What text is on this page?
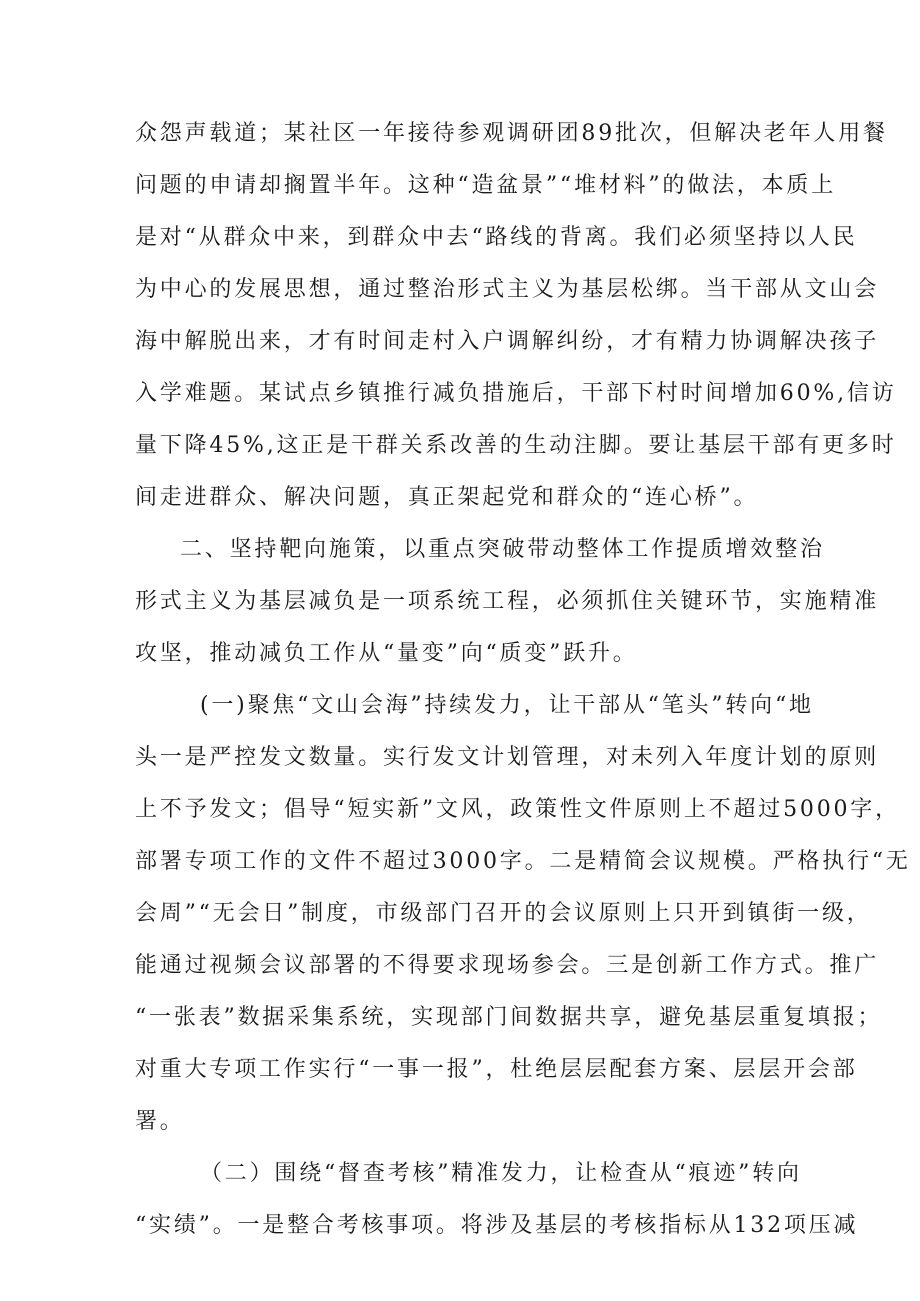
众怨声载道；某社区一年接待参观调研团89批次，但解决老年人用餐
问题的申请却搁置半年。这种“造盆景”“堆材料”的做法，本质上
是对“从群众中来，到群众中去“路线的背离。我们必须坚持以人民
为中心的发展思想，通过整治形式主义为基层松绑。当干部从文山会
海中解脱出来，才有时间走村入户调解纠纷，才有精力协调解决孩子
入学难题。某试点乡镇推行减负措施后，干部下村时间增加60%,信访
量下降45%,这正是干群关系改善的生动注脚。要让基层干部有更多时
间走进群众、解决问题，真正架起党和群众的“连心桥”。
二、坚持靶向施策，以重点突破带动整体工作提质增效整治
形式主义为基层减负是一项系统工程，必须抓住关键环节，实施精准
攻坚，推动减负工作从“量变”向“质变”跃升。
(一)聚焦“文山会海”持续发力，让干部从“笔头”转向“地
头一是严控发文数量。实行发文计划管理，对未列入年度计划的原则
上不予发文；倡导“短实新”文风，政策性文件原则上不超过5000字，
部署专项工作的文件不超过3000字。二是精简会议规模。严格执行“无
会周”“无会日”制度，市级部门召开的会议原则上只开到镇街一级，
能通过视频会议部署的不得要求现场参会。三是创新工作方式。推广
“一张表”数据采集系统，实现部门间数据共享，避免基层重复填报；
对重大专项工作实行“一事一报”，杜绝层层配套方案、层层开会部
署。
（二）围绕“督查考核”精准发力，让检查从“痕迹”转向
“实绩”。一是整合考核事项。将涉及基层的考核指标从132项压减
